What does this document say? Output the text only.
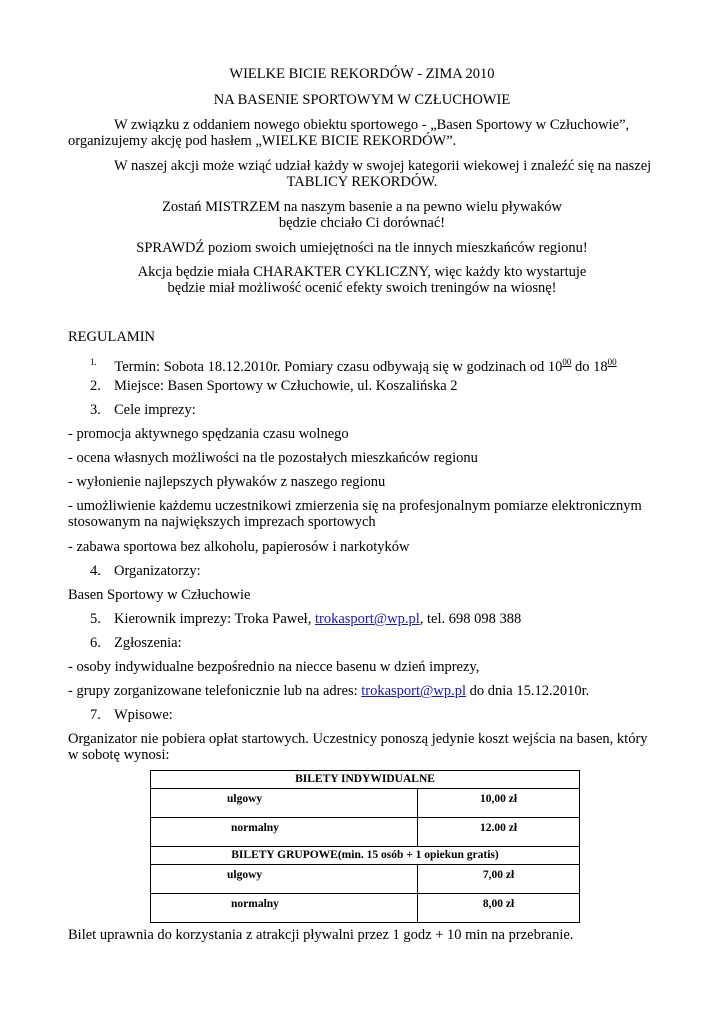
WIELKE BICIE REKORDÓW - ZIMA 2010
NA BASENIE SPORTOWYM W CZŁUCHOWIE
W związku z oddaniem nowego obiektu sportowego - „Basen Sportowy w Człuchowie”,
organizujemy akcję pod hasłem „WIELKE BICIE REKORDÓW”.
W naszej akcji może wziąć udział każdy w swojej kategorii wiekowej i znaleźć się na naszej
TABLICY REKORDÓW.
Zostań MISTRZEM na naszym basenie a na pewno wielu pływaków
będzie chciało Ci dorównać!
SPRAWDŹ poziom swoich umiejętności na tle innych mieszkańców regionu!
Akcja będzie miała CHARAKTER CYKLICZNY, więc każdy kto wystartuje
będzie miał możliwość ocenić efekty swoich treningów na wiosnę!
REGULAMIN
$^{1.}$ Termin: Sobota 18.12.2010r. Pomiary czasu odbywają się w godzinach od $10^{00}$ do $18^{00}$
2. Miejsce: Basen Sportowy w Człuchowie, ul. Koszalińska 2
3. Cele imprezy:
- promocja aktywnego spędzania czasu wolnego
- ocena własnych możliwości na tle pozostałych mieszkańców regionu
- wyłonienie najlepszych pływaków z naszego regionu
- umożliwienie każdemu uczestnikowi zmierzenia się na profesjonalnym pomiarze elektronicznym
stosowanym na największych imprezach sportowych
- zabawa sportowa bez alkoholu, papierosów i narkotyków
4. Organizatorzy:
Basen Sportowy w Człuchowie
5. Kierownik imprezy: Troka Paweł, trokasport@wp.pl, tel. 698 098 388
6. Zgłoszenia:
- osoby indywidualne bezpośrednio na niecce basenu w dzień imprezy,
- grupy zorganizowane telefonicznie lub na adres: trokasport@wp.pl do dnia 15.12.2010r.
7. Wpisowe:
Organizator nie pobiera opłat startowych. Uczestnicy ponoszą jedynie koszt wejścia na basen, który
w sobotę wynosi:
BILETY INDYWIDUALNE	
ulgowy	10,00 zł
normalny	12.00 zł
BILETY GRUPOWE(min. 15 osób + 1 opiekun gratis)	
ulgowy	7,00 zł
normalny	8,00 zł
Bilet uprawnia do korzystania z atrakcji pływalni przez 1 godz + 10 min na przebranie.
